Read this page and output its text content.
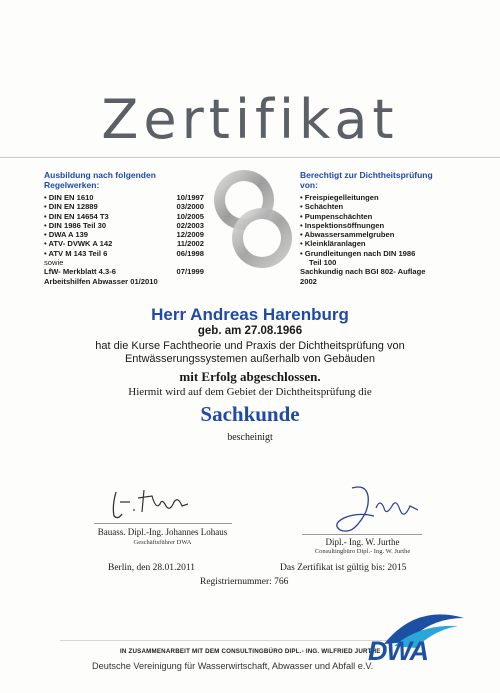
Zertifikat
Ausbildung nach folgenden
Regelwerken:
• DIN EN 1610	10/1997
• DIN EN 12889	03/2000
• DIN EN 14654 T3	10/2005
• DIN 1986 Teil 30	02/2003
• DWA A 139	12/2009
• ATV- DVWK A 142	11/2002
• ATV M 143 Teil 6	06/1998
sowie
LfW- Merkblatt 4.3-6	07/1999
Arbeitshilfen Abwasser 01/2010
Berechtigt zur Dichtheitsprüfung
von:
• Freispiegelleitungen
• Schächten
• Pumpenschächten
• Inspektionsöffnungen
• Abwassersammelgruben
• Kleinkläranlagen
• Grundleitungen nach DIN 1986
Teil 100
Sachkundig nach BGI 802- Auflage
2002
Herr Andreas Harenburg
geb. am 27.08.1966
hat die Kurse Fachtheorie und Praxis der Dichtheitsprüfung von
Entwässerungssystemen außerhalb von Gebäuden
mit Erfolg abgeschlossen.
Hiermit wird auf dem Gebiet der Dichtheitsprüfung die
Sachkunde
bescheinigt
Bauass. Dipl.-Ing. Johannes Lohaus
Geschäftsführer DWA	Dipl.- Ing. W. Jurthe
Consultingbüro Dipl.- Ing. W. Jurthe
Berlin, den 28.01.2011	Das Zertifikat ist gültig bis: 2015
Registriernummer: 766
IN ZUSAMMENARBEIT MIT DEM CONSULTINGBÜRO DIPL.- ING. WILFRIED JURTHE
Deutsche Vereinigung für Wasserwirtschaft, Abwasser und Abfall e.V.
DWA
